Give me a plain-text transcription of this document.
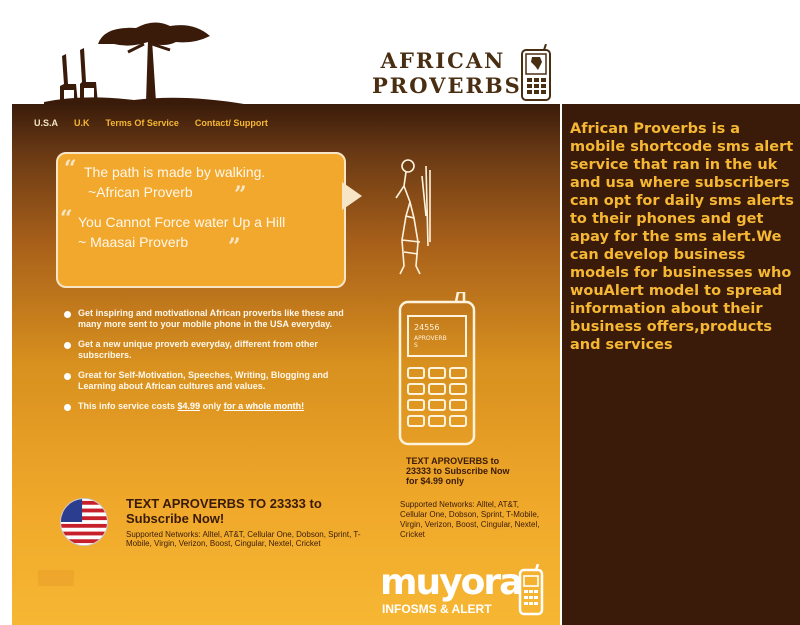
AFRICAN
PROVERBS
U.S.A U.K Terms Of Service Contact/ Support
“ The path is made by walking.
~African Proverb	”
“ You Cannot Force water Up a Hill
~ Maasai Proverb	”
Get inspiring and motivational African proverbs like these and many more sent to your mobile phone in the USA everyday.
Get a new unique proverb everyday, different from other subscribers.
Great for Self-Motivation, Speeches, Writing, Blogging and Learning about African cultures and values.
This info service costs $4.99 only for a whole month!
24556
APROVERB
S
TEXT APROVERBS to 23333 to Subscribe Now for $4.99 only
Supported Networks: Alltel, AT&T, Cellular One, Dobson, Sprint, T-Mobile, Virgin, Verizon, Boost, Cingular, Nextel, Cricket
TEXT APROVERBS TO 23333 to Subscribe Now!
Supported Networks: Alltel, AT&T, Cellular One, Dobson, Sprint, T-Mobile, Virgin, Verizon, Boost, Cingular, Nextel, Cricket
muyora
INFOSMS & ALERT

African Proverbs is a mobile shortcode sms alert service that ran in the uk and usa where subscribers can opt for daily sms alerts to their phones and get apay for the sms alert.We can develop business models for businesses who wouAlert model to spread information about their business offers,products and services
